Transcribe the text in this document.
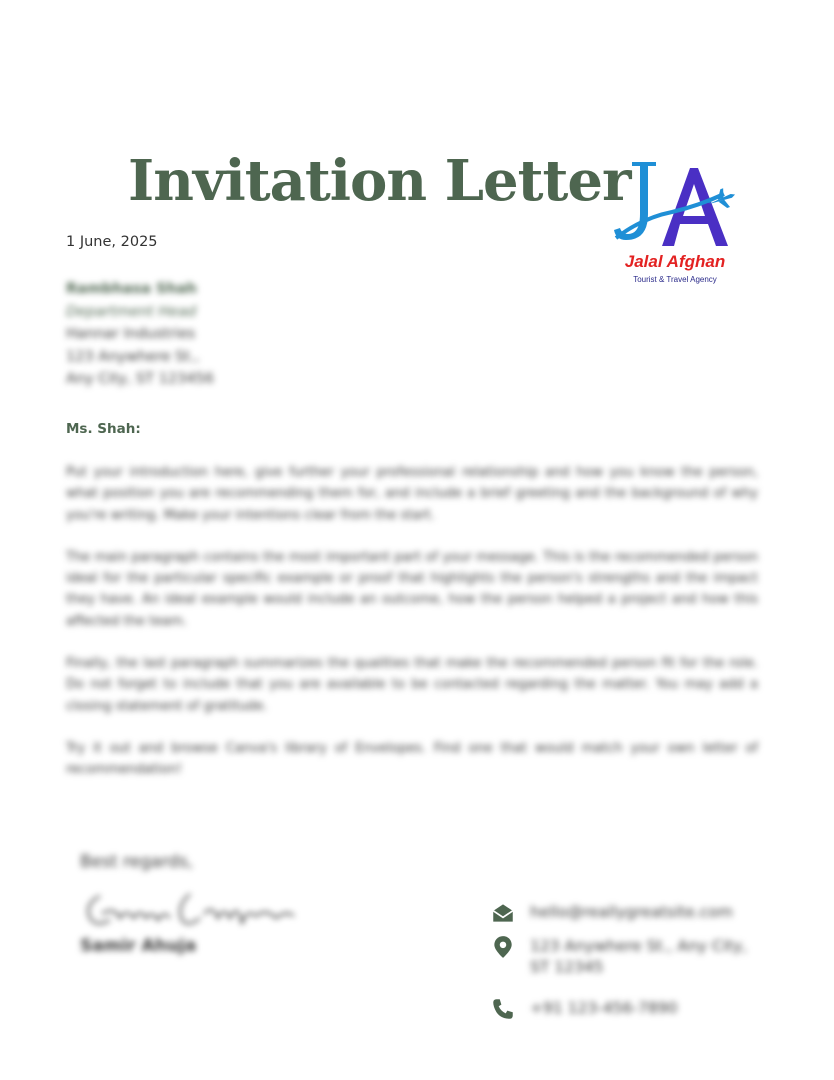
Invitation Letter
Jalal Afghan
Tourist & Travel Agency
1 June, 2025
Rambhasa Shah
Department Head
Hannar Industries
123 Anywhere St.,
Any City, ST 123456
Ms. Shah:

Put your introduction here, give further your professional relationship and how you know the person, what position you are recommending them for, and include a brief greeting and the background of why you're writing. Make your intentions clear from the start.

The main paragraph contains the most important part of your message. This is the recommended person ideal for the particular specific example or proof that highlights the person's strengths and the impact they have. An ideal example would include an outcome, how the person helped a project and how this affected the team.

Finally, the last paragraph summarizes the qualities that make the recommended person fit for the role. Do not forget to include that you are available to be contacted regarding the matter. You may add a closing statement of gratitude.

Try it out and browse Canva's library of Envelopes. Find one that would match your own letter of recommendation!

Best regards,
Samir Ahuja
hello@reallygreatsite.com
123 Anywhere St., Any City, ST 12345
+91 123-456-7890
